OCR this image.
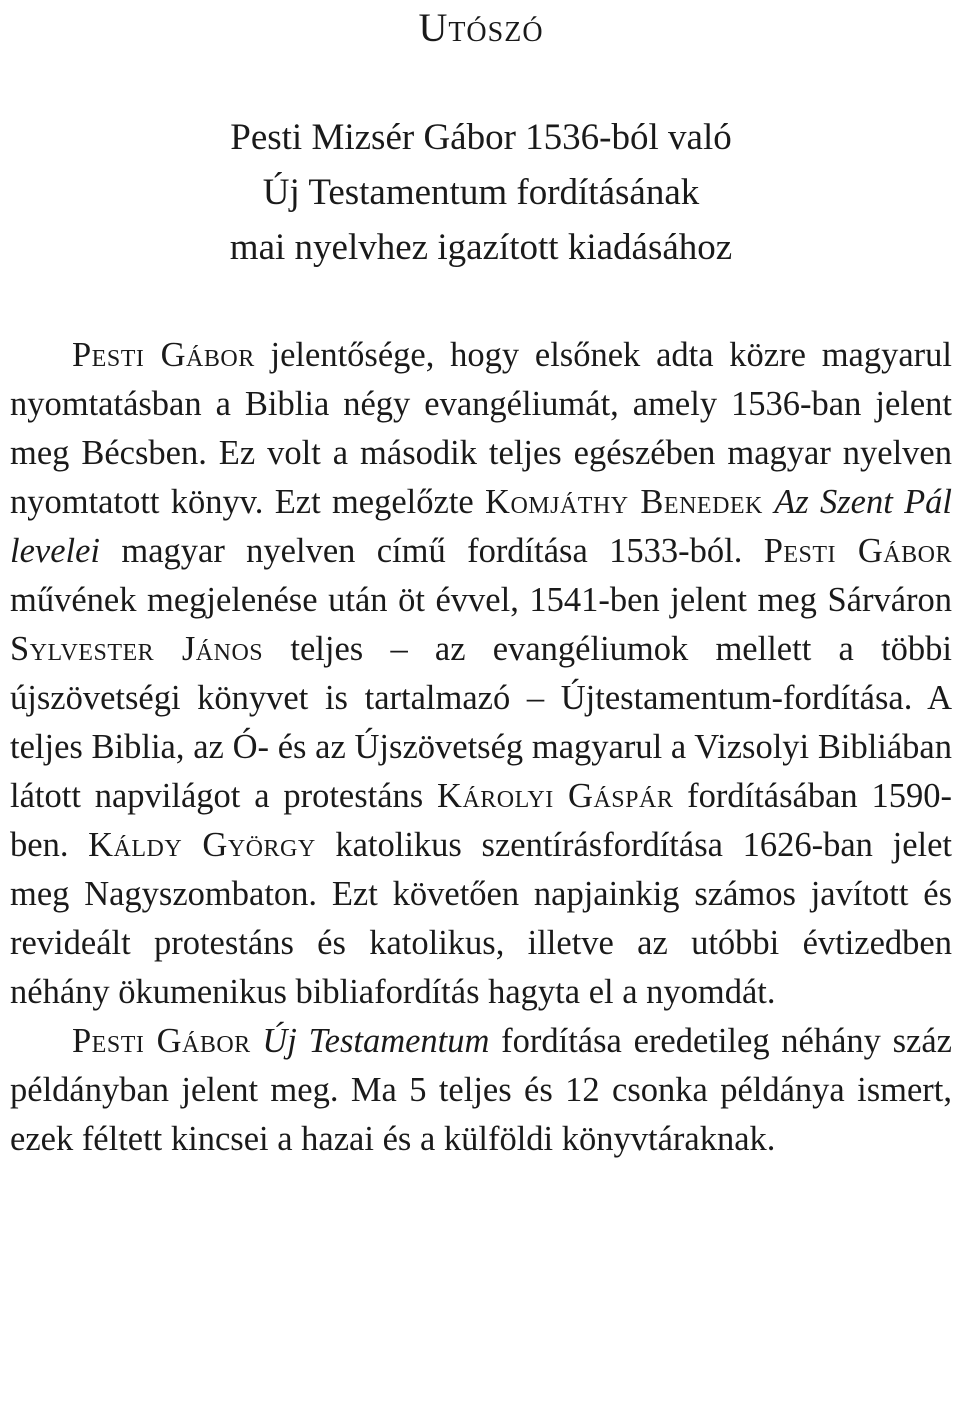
Utószó
Pesti Mizsér Gábor 1536-ból való
Új Testamentum fordításának
mai nyelvhez igazított kiadásához

Pesti Gábor jelentősége, hogy elsőnek adta közre magyarul nyomtatásban a Biblia négy evangéliumát, amely 1536-ban jelent meg Bécsben. Ez volt a második teljes egészében magyar nyelven nyomtatott könyv. Ezt megelőzte Komjáthy Benedek Az Szent Pál levelei magyar nyelven című fordítása 1533-ból. Pesti Gábor művének megjelenése után öt évvel, 1541-ben jelent meg Sárváron Sylvester János teljes – az evangéliumok mellett a többi újszövetségi könyvet is tartalmazó – Újtestamentum-fordítása. A teljes Biblia, az Ó- és az Újszövetség magyarul a Vizsolyi Bibliában látott napvilágot a protestáns Károlyi Gáspár fordításában 1590-ben. Káldy György katolikus szentírásfordítása 1626-ban jelet meg Nagyszombaton. Ezt követően napjainkig számos javított és revideált protestáns és katolikus, illetve az utóbbi évtizedben néhány ökumenikus bibliafordítás hagyta el a nyomdát.

Pesti Gábor Új Testamentum fordítása eredetileg néhány száz példányban jelent meg. Ma 5 teljes és 12 csonka példánya ismert, ezek féltett kincsei a hazai és a külföldi könyvtáraknak.
